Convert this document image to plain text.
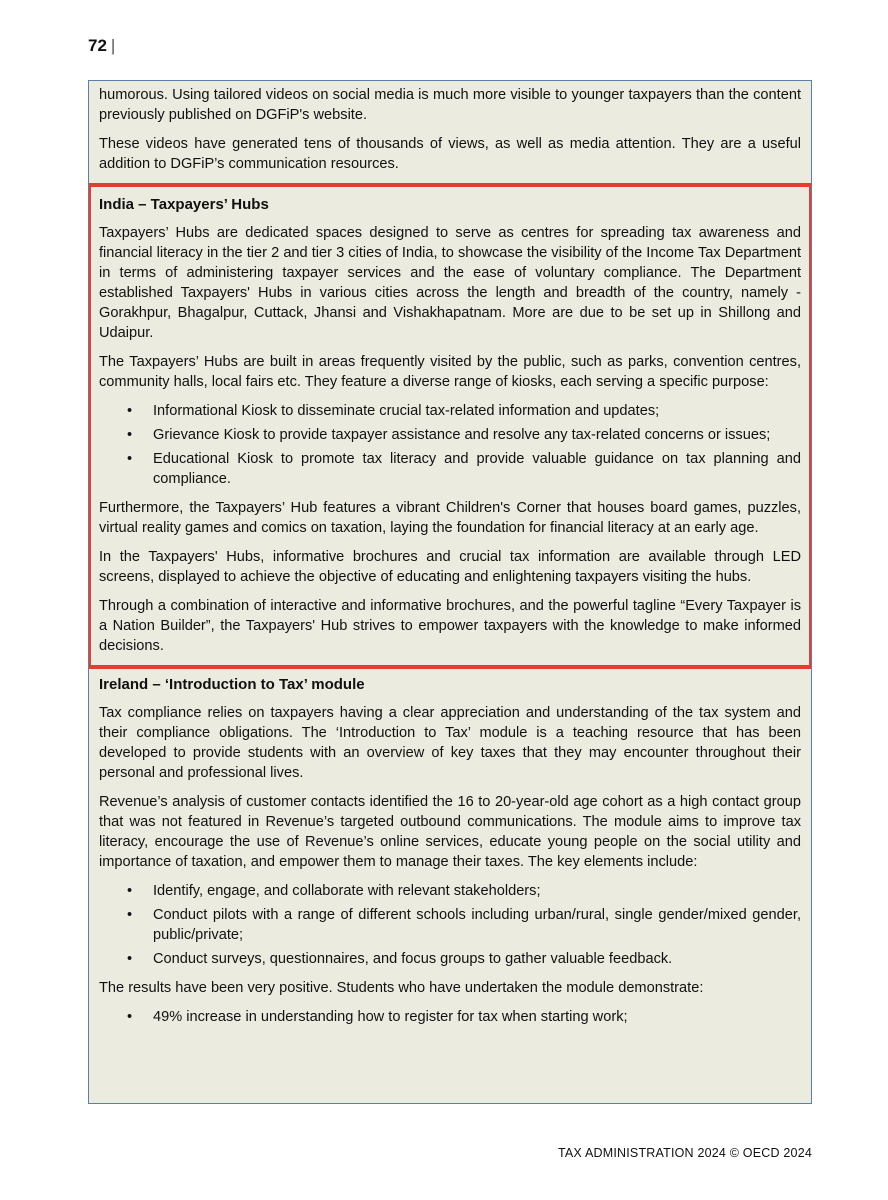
72 |

humorous. Using tailored videos on social media is much more visible to younger taxpayers than the content previously published on DGFiP's website.

These videos have generated tens of thousands of views, as well as media attention. They are a useful addition to DGFiP’s communication resources.

India – Taxpayers’ Hubs

Taxpayers’ Hubs are dedicated spaces designed to serve as centres for spreading tax awareness and financial literacy in the tier 2 and tier 3 cities of India, to showcase the visibility of the Income Tax Department in terms of administering taxpayer services and the ease of voluntary compliance. The Department established Taxpayers' Hubs in various cities across the length and breadth of the country, namely - Gorakhpur, Bhagalpur, Cuttack, Jhansi and Vishakhapatnam. More are due to be set up in Shillong and Udaipur.

The Taxpayers’ Hubs are built in areas frequently visited by the public, such as parks, convention centres, community halls, local fairs etc. They feature a diverse range of kiosks, each serving a specific purpose:

• Informational Kiosk to disseminate crucial tax-related information and updates;
• Grievance Kiosk to provide taxpayer assistance and resolve any tax-related concerns or issues;
• Educational Kiosk to promote tax literacy and provide valuable guidance on tax planning and compliance.

Furthermore, the Taxpayers’ Hub features a vibrant Children's Corner that houses board games, puzzles, virtual reality games and comics on taxation, laying the foundation for financial literacy at an early age.

In the Taxpayers' Hubs, informative brochures and crucial tax information are available through LED screens, displayed to achieve the objective of educating and enlightening taxpayers visiting the hubs.

Through a combination of interactive and informative brochures, and the powerful tagline “Every Taxpayer is a Nation Builder”, the Taxpayers' Hub strives to empower taxpayers with the knowledge to make informed decisions.

Ireland – ‘Introduction to Tax’ module

Tax compliance relies on taxpayers having a clear appreciation and understanding of the tax system and their compliance obligations. The ‘Introduction to Tax’ module is a teaching resource that has been developed to provide students with an overview of key taxes that they may encounter throughout their personal and professional lives.

Revenue’s analysis of customer contacts identified the 16 to 20-year-old age cohort as a high contact group that was not featured in Revenue’s targeted outbound communications. The module aims to improve tax literacy, encourage the use of Revenue’s online services, educate young people on the social utility and importance of taxation, and empower them to manage their taxes. The key elements include:

• Identify, engage, and collaborate with relevant stakeholders;
• Conduct pilots with a range of different schools including urban/rural, single gender/mixed gender, public/private;
• Conduct surveys, questionnaires, and focus groups to gather valuable feedback.

The results have been very positive. Students who have undertaken the module demonstrate:

• 49% increase in understanding how to register for tax when starting work;
TAX ADMINISTRATION 2024 © OECD 2024
